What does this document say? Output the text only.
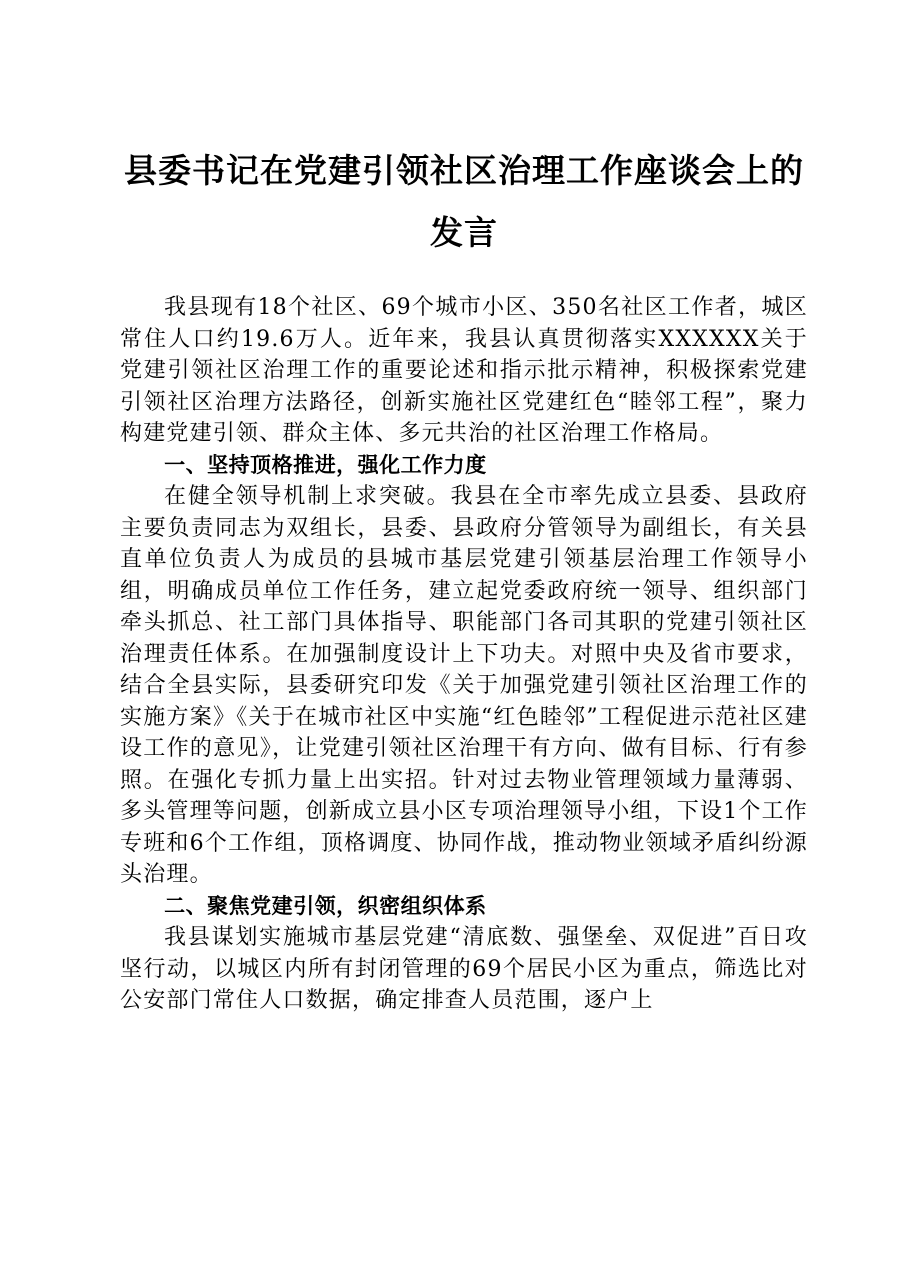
县委书记在党建引领社区治理工作座谈会上的
发言

我县现有18个社区、69个城市小区、350名社区工作者，城区常住人口约19.6万人。近年来，我县认真贯彻落实XXXXXX关于党建引领社区治理工作的重要论述和指示批示精神，积极探索党建引领社区治理方法路径，创新实施社区党建红色“睦邻工程”，聚力构建党建引领、群众主体、多元共治的社区治理工作格局。

一、坚持顶格推进，强化工作力度

在健全领导机制上求突破。我县在全市率先成立县委、县政府主要负责同志为双组长，县委、县政府分管领导为副组长，有关县直单位负责人为成员的县城市基层党建引领基层治理工作领导小组，明确成员单位工作任务，建立起党委政府统一领导、组织部门牵头抓总、社工部门具体指导、职能部门各司其职的党建引领社区治理责任体系。在加强制度设计上下功夫。对照中央及省市要求，结合全县实际，县委研究印发《关于加强党建引领社区治理工作的实施方案》《关于在城市社区中实施“红色睦邻”工程促进示范社区建设工作的意见》，让党建引领社区治理干有方向、做有目标、行有参照。在强化专抓力量上出实招。针对过去物业管理领域力量薄弱、多头管理等问题，创新成立县小区专项治理领导小组，下设1个工作专班和6个工作组，顶格调度、协同作战，推动物业领域矛盾纠纷源头治理。

二、聚焦党建引领，织密组织体系

我县谋划实施城市基层党建“清底数、强堡垒、双促进”百日攻坚行动，以城区内所有封闭管理的69个居民小区为重点，筛选比对公安部门常住人口数据，确定排查人员范围，逐户上
